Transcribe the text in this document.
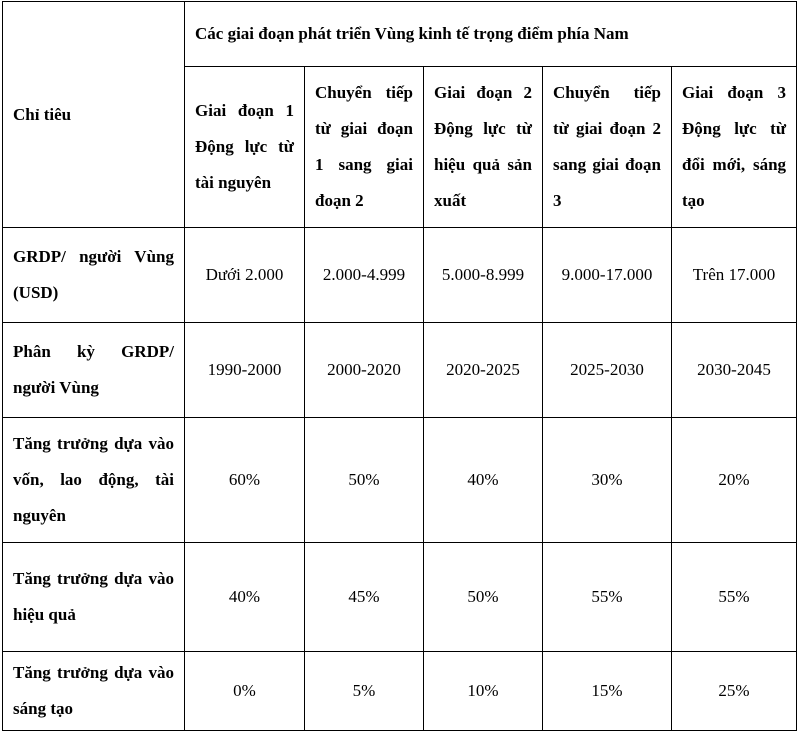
Chỉ tiêu	Các giai đoạn phát triển Vùng kinh tế trọng điểm phía Nam				
	Giai đoạn 1 Động lực từ tài nguyên	Chuyển tiếp từ giai đoạn 1 sang giai đoạn 2	Giai đoạn 2 Động lực từ hiệu quả sản xuất	Chuyển tiếp từ giai đoạn 2 sang giai đoạn 3	Giai đoạn 3 Động lực từ đổi mới, sáng tạo
GRDP/ người Vùng (USD)	Dưới 2.000	2.000-4.999	5.000-8.999	9.000-17.000	Trên 17.000
Phân kỳ GRDP/ người Vùng	1990-2000	2000-2020	2020-2025	2025-2030	2030-2045
Tăng trưởng dựa vào vốn, lao động, tài nguyên	60%	50%	40%	30%	20%
Tăng trưởng dựa vào hiệu quả	40%	45%	50%	55%	55%
Tăng trưởng dựa vào sáng tạo	0%	5%	10%	15%	25%
